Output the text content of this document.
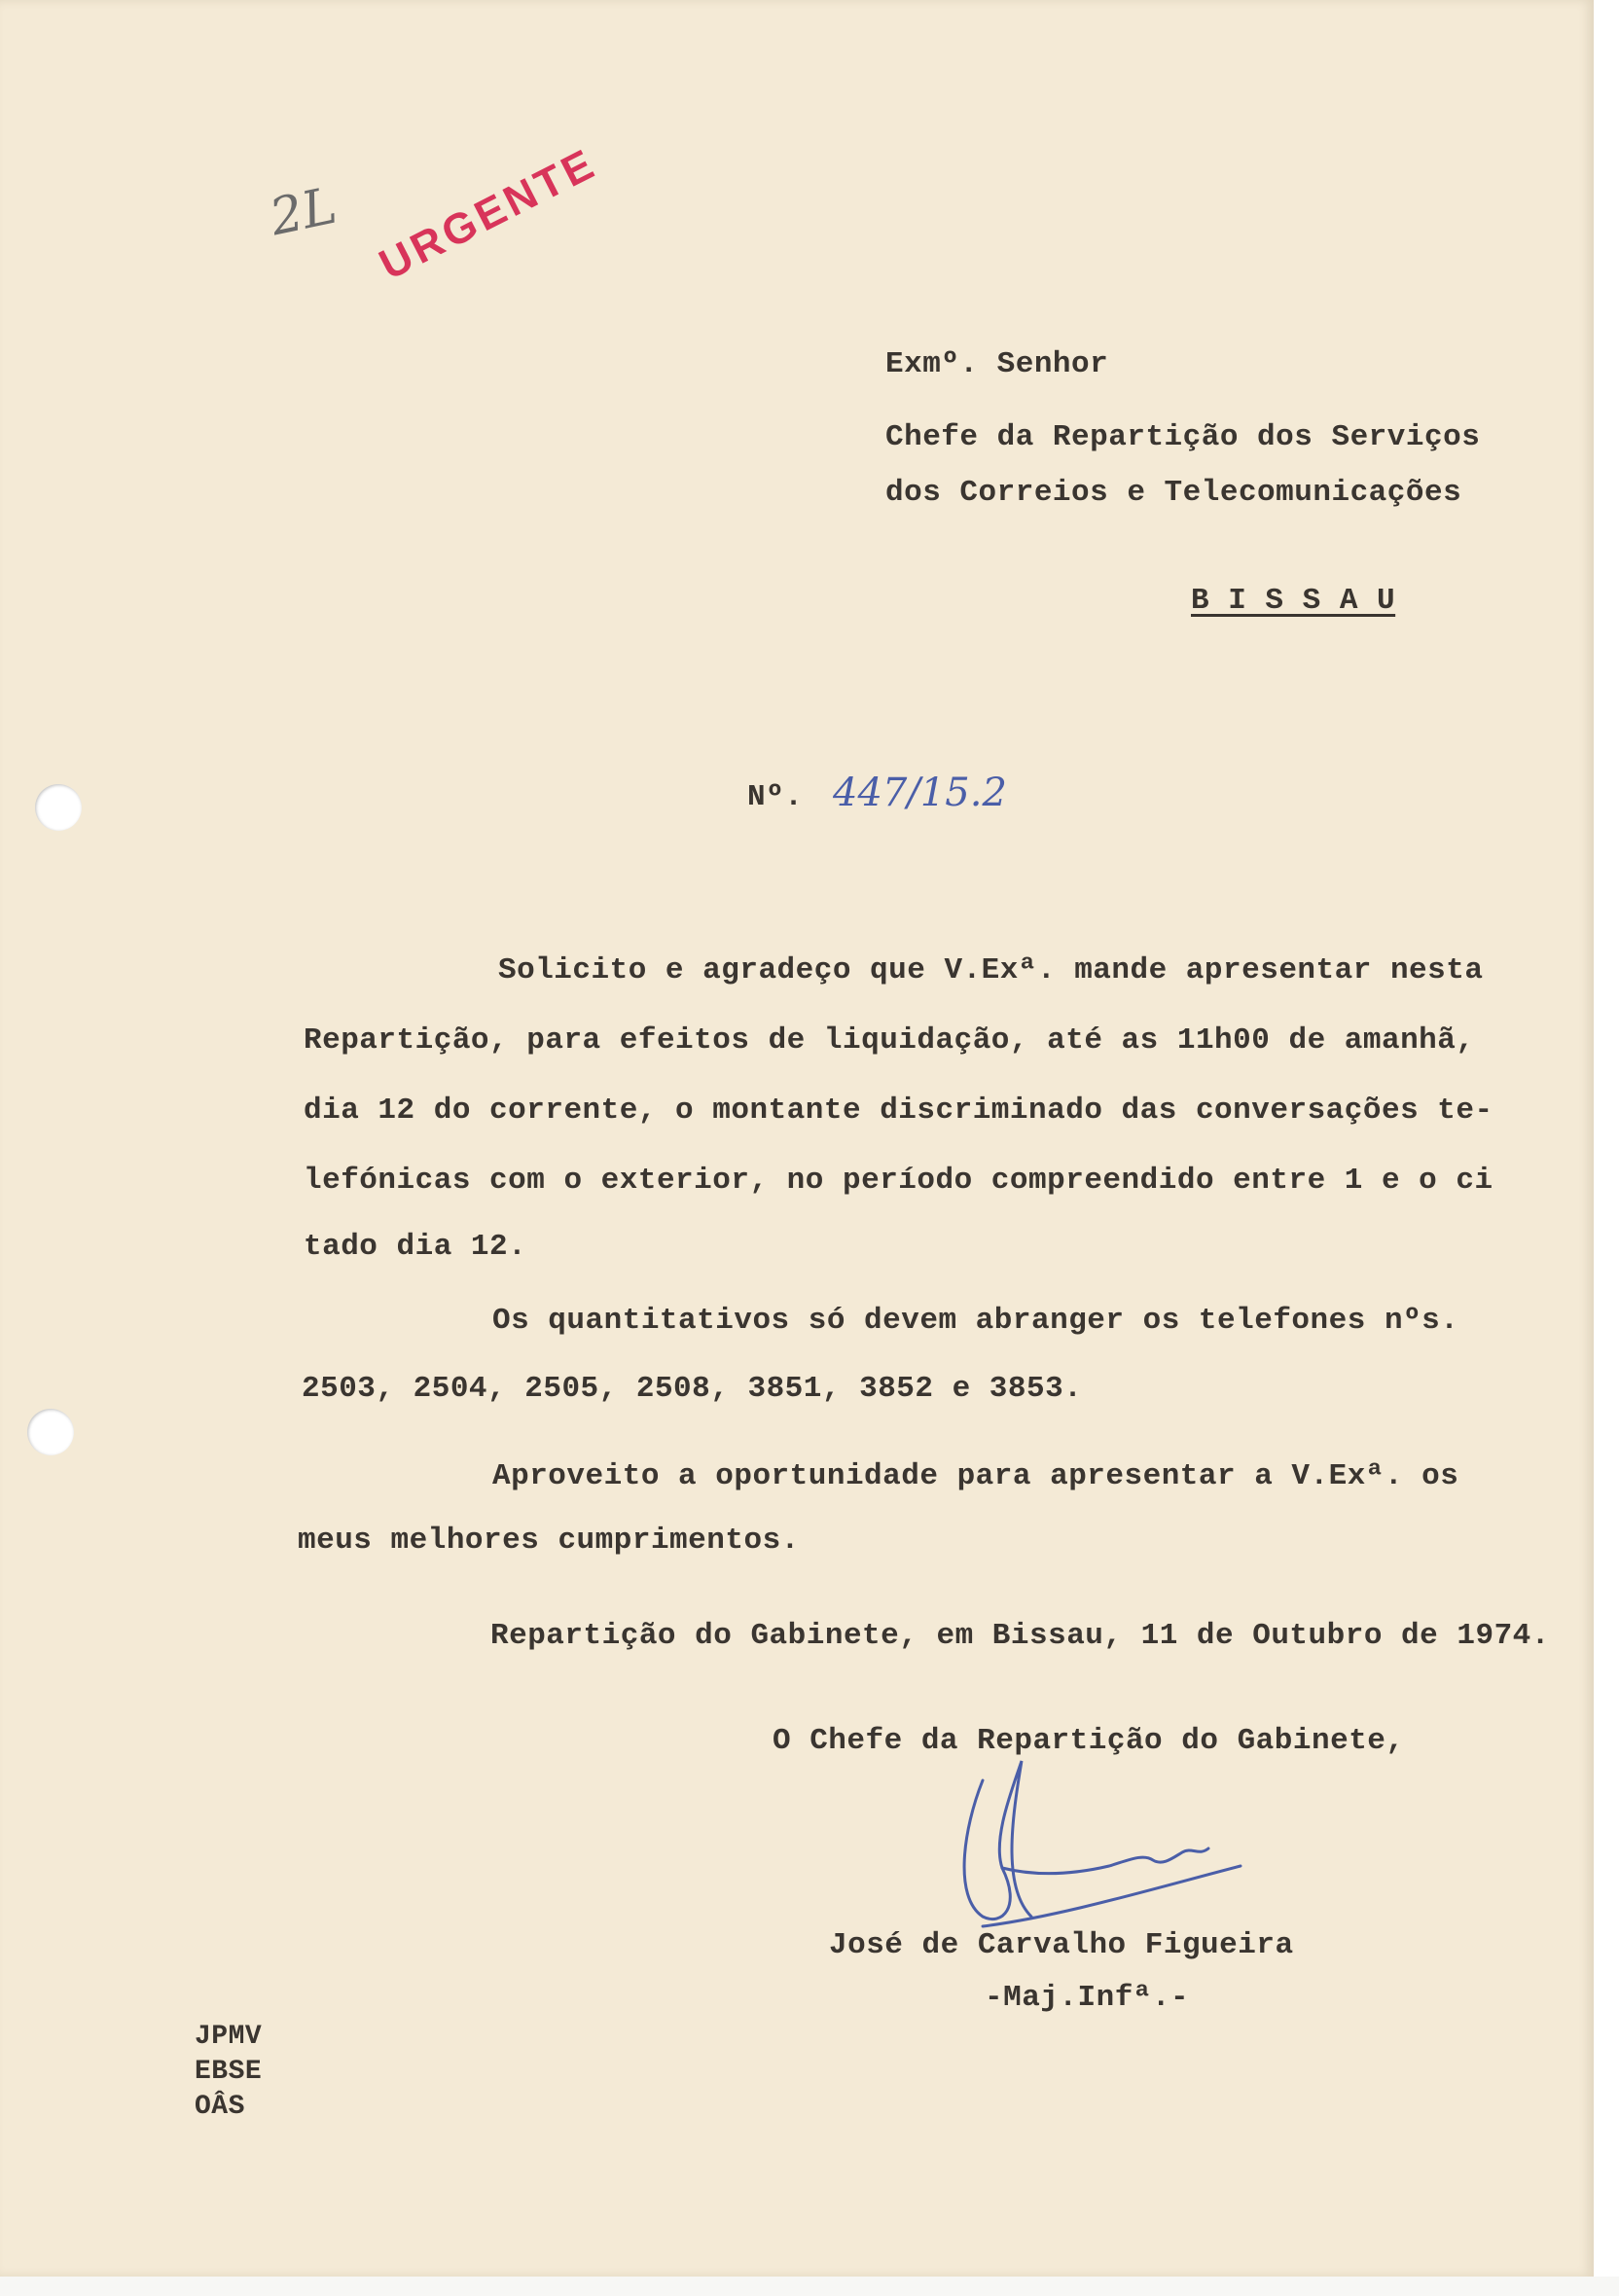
2L URGENTE
Exmº. Senhor
Chefe da Repartição dos Serviços
dos Correios e Telecomunicações
B I S S A U
Nº. 447/15.2
Solicito e agradeço que V.Exª. mande apresentar nesta
Repartição, para efeitos de liquidação, até as 11h00 de amanhã,
dia 12 do corrente, o montante discriminado das conversações te-
lefónicas com o exterior, no período compreendido entre 1 e o ci
tado dia 12.
Os quantitativos só devem abranger os telefones nºs.
2503, 2504, 2505, 2508, 3851, 3852 e 3853.
Aproveito a oportunidade para apresentar a V.Exª. os
meus melhores cumprimentos.
Repartição do Gabinete, em Bissau, 11 de Outubro de 1974.
O Chefe da Repartição do Gabinete,
José de Carvalho Figueira
-Maj.Infª.-
JPMV
EBSE
OÂS
